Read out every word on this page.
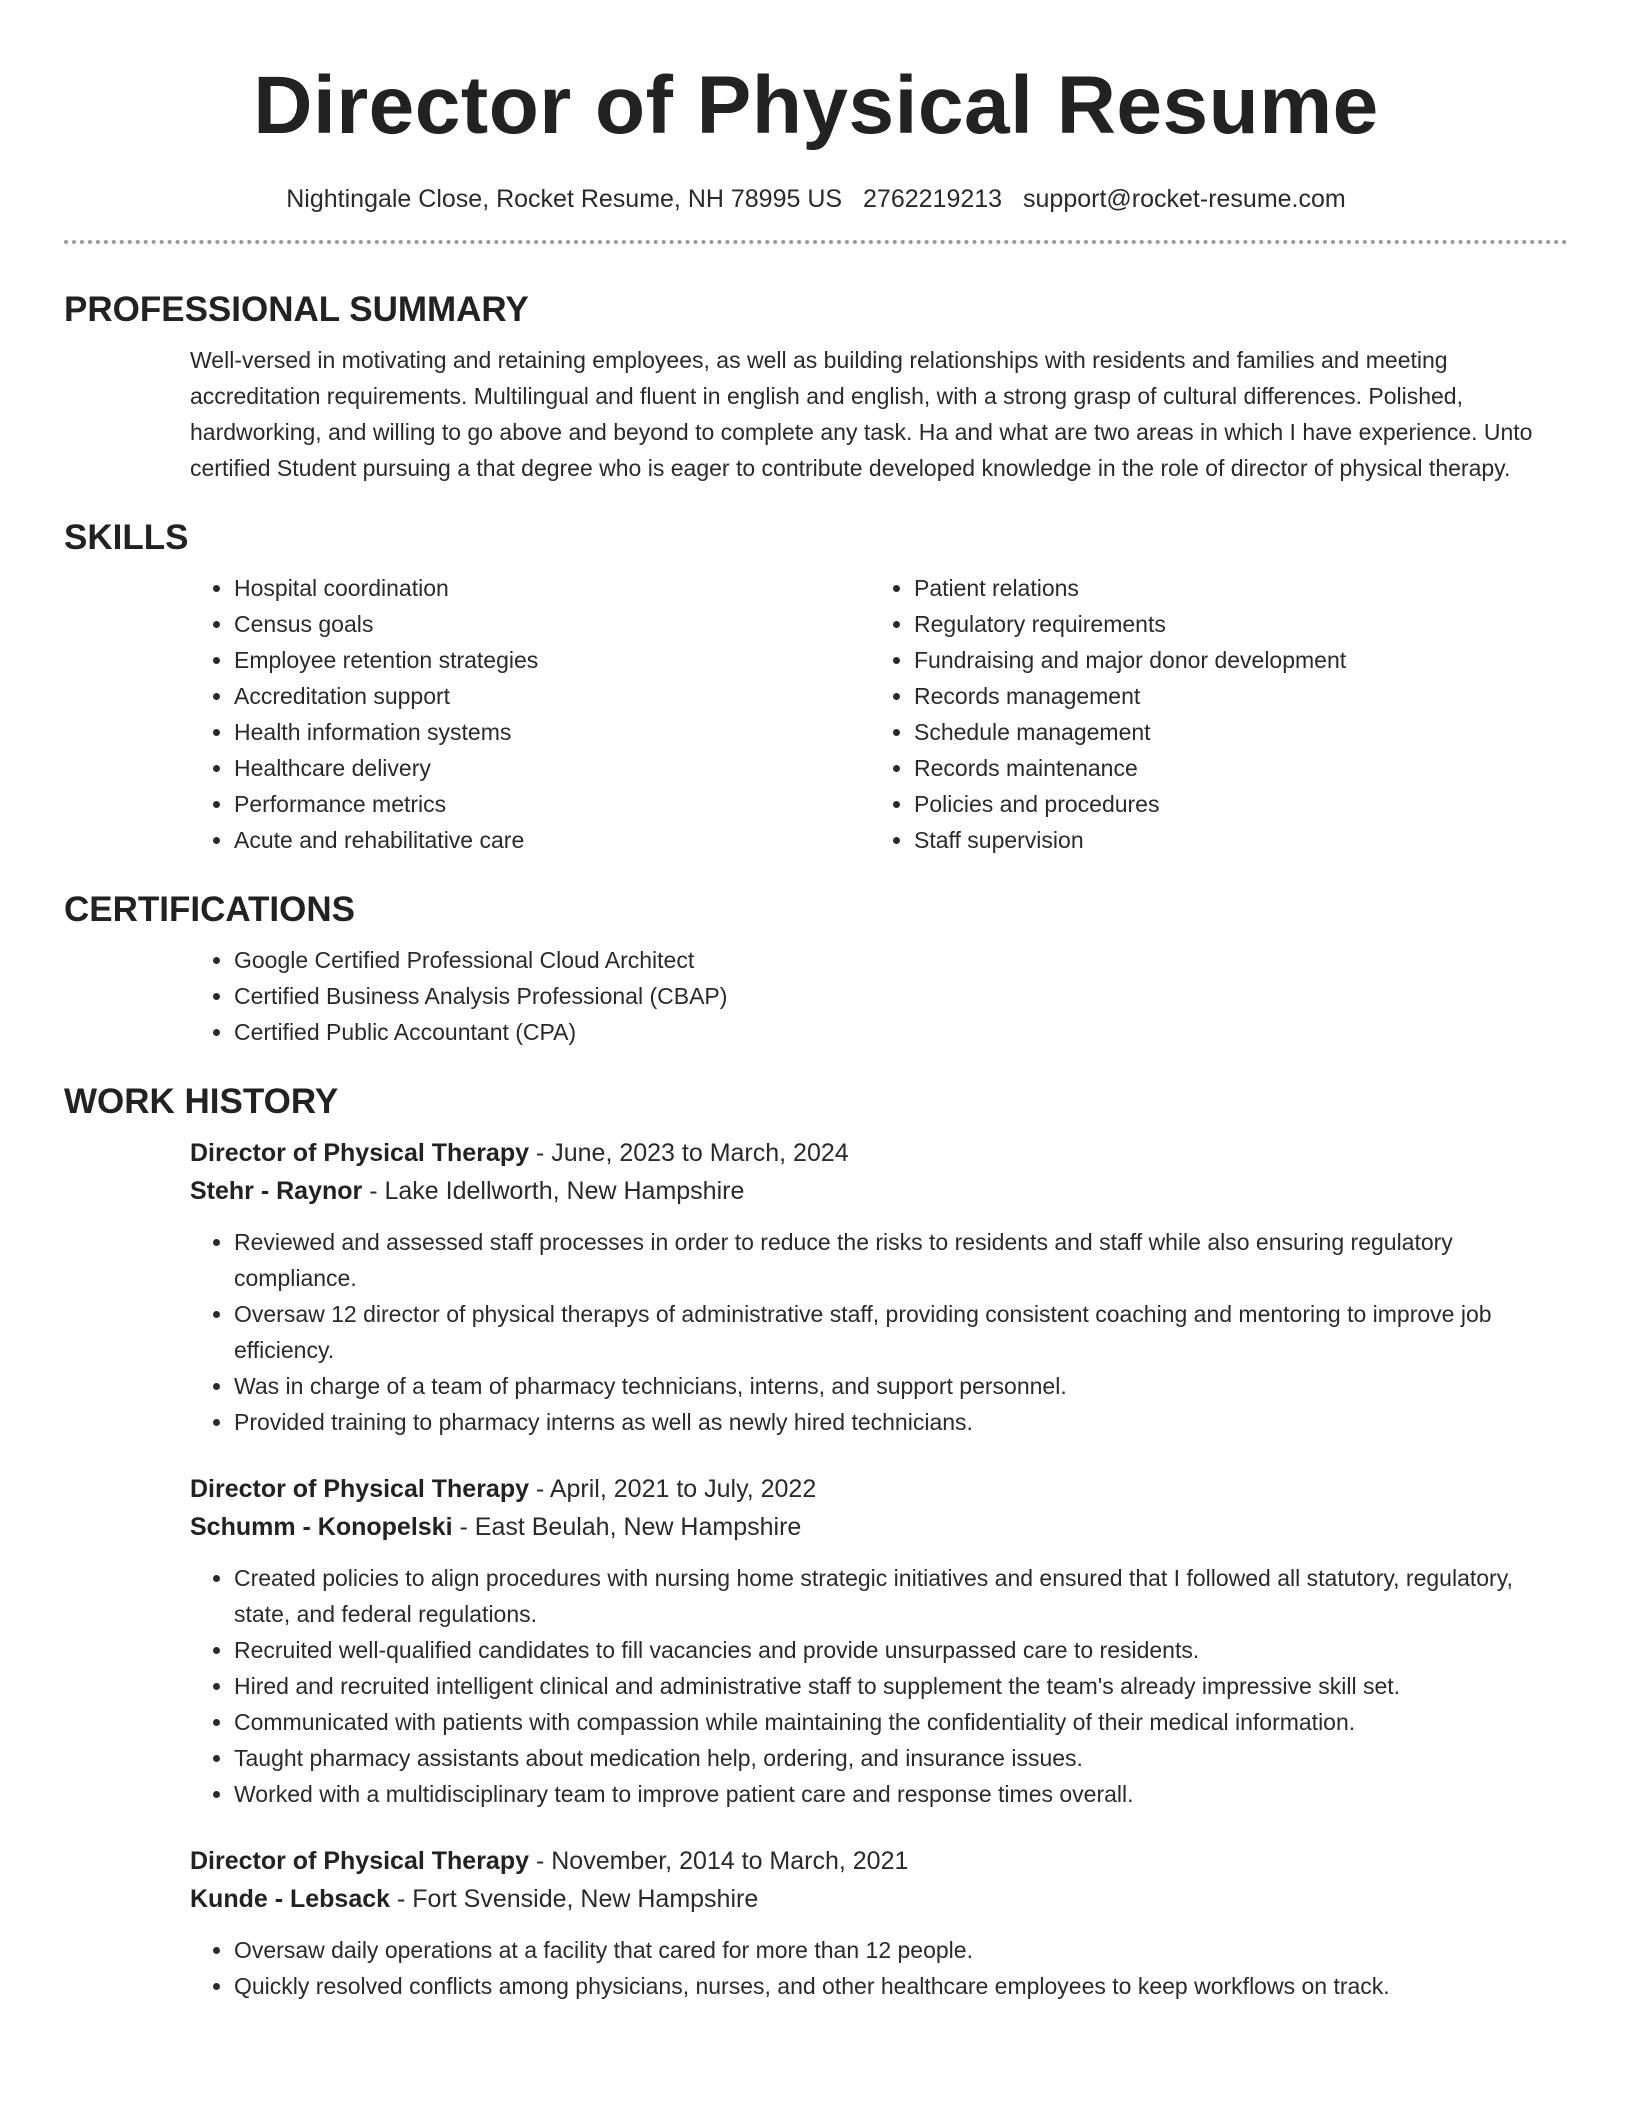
Director of Physical Resume
Nightingale Close, Rocket Resume, NH 78995 US 2762219213 support@rocket-resume.com
PROFESSIONAL SUMMARY

Well-versed in motivating and retaining employees, as well as building relationships with residents and families and meeting accreditation requirements. Multilingual and fluent in english and english, with a strong grasp of cultural differences. Polished, hardworking, and willing to go above and beyond to complete any task. Ha and what are two areas in which I have experience. Unto certified Student pursuing a that degree who is eager to contribute developed knowledge in the role of director of physical therapy.

SKILLS
• Hospital coordination
• Census goals
• Employee retention strategies
• Accreditation support
• Health information systems
• Healthcare delivery
• Performance metrics
• Acute and rehabilitative care
• Patient relations
• Regulatory requirements
• Fundraising and major donor development
• Records management
• Schedule management
• Records maintenance
• Policies and procedures
• Staff supervision
CERTIFICATIONS
• Google Certified Professional Cloud Architect
• Certified Business Analysis Professional (CBAP)
• Certified Public Accountant (CPA)
WORK HISTORY

Director of Physical Therapy - June, 2023 to March, 2024

Stehr - Raynor - Lake Idellworth, New Hampshire

• Reviewed and assessed staff processes in order to reduce the risks to residents and staff while also ensuring regulatory compliance.
• Oversaw 12 director of physical therapys of administrative staff, providing consistent coaching and mentoring to improve job efficiency.
• Was in charge of a team of pharmacy technicians, interns, and support personnel.
• Provided training to pharmacy interns as well as newly hired technicians.

Director of Physical Therapy - April, 2021 to July, 2022

Schumm - Konopelski - East Beulah, New Hampshire

• Created policies to align procedures with nursing home strategic initiatives and ensured that I followed all statutory, regulatory, state, and federal regulations.
• Recruited well-qualified candidates to fill vacancies and provide unsurpassed care to residents.
• Hired and recruited intelligent clinical and administrative staff to supplement the team's already impressive skill set.
• Communicated with patients with compassion while maintaining the confidentiality of their medical information.
• Taught pharmacy assistants about medication help, ordering, and insurance issues.
• Worked with a multidisciplinary team to improve patient care and response times overall.

Director of Physical Therapy - November, 2014 to March, 2021

Kunde - Lebsack - Fort Svenside, New Hampshire

• Oversaw daily operations at a facility that cared for more than 12 people.
• Quickly resolved conflicts among physicians, nurses, and other healthcare employees to keep workflows on track.
